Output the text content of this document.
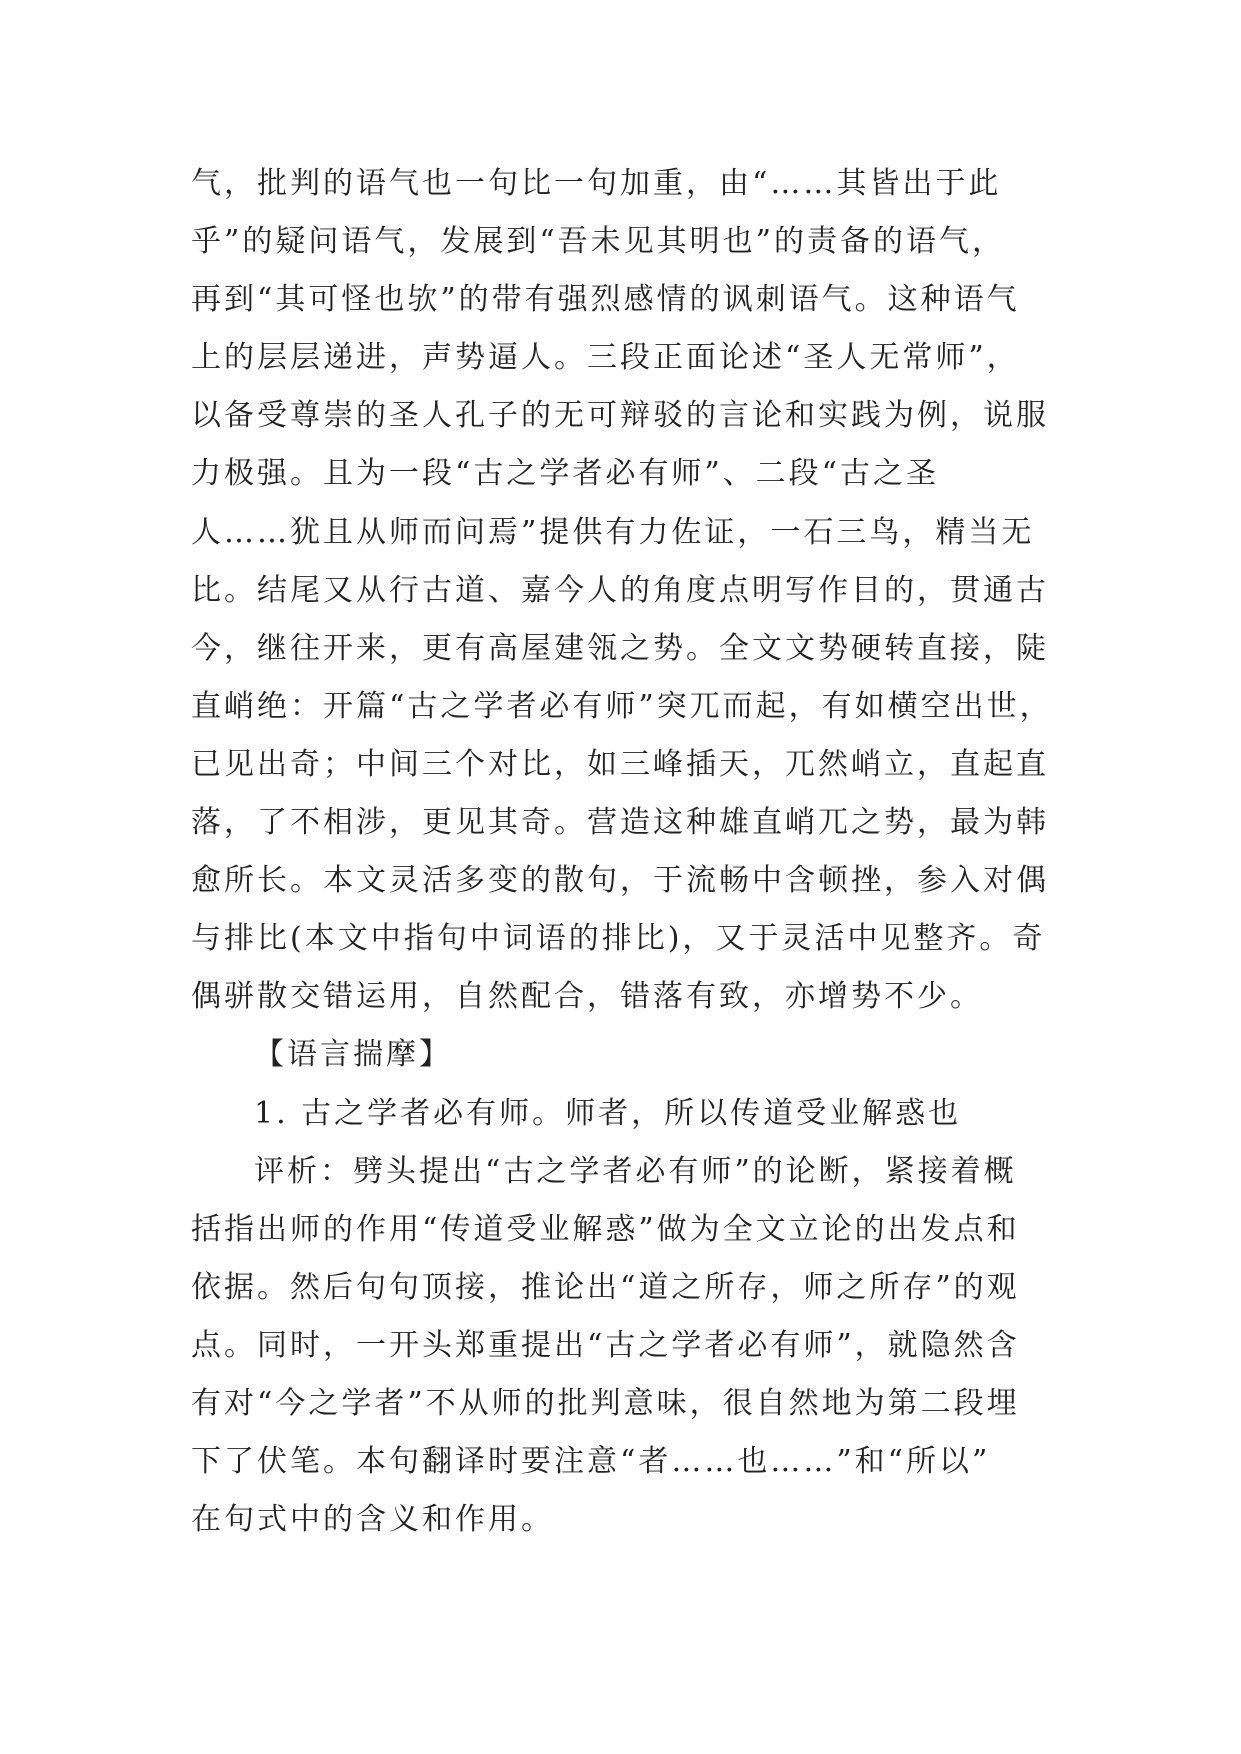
气，批判的语气也一句比一句加重，由“……其皆出于此
乎”的疑问语气，发展到“吾未见其明也”的责备的语气，
再到“其可怪也欤”的带有强烈感情的讽刺语气。这种语气
上的层层递进，声势逼人。三段正面论述“圣人无常师”，
以备受尊崇的圣人孔子的无可辩驳的言论和实践为例，说服
力极强。且为一段“古之学者必有师”、二段“古之圣
人……犹且从师而问焉”提供有力佐证，一石三鸟，精当无
比。结尾又从行古道、嘉今人的角度点明写作目的，贯通古
今，继往开来，更有高屋建瓴之势。全文文势硬转直接，陡
直峭绝：开篇“古之学者必有师”突兀而起，有如横空出世，
已见出奇；中间三个对比，如三峰插天，兀然峭立，直起直
落，了不相涉，更见其奇。营造这种雄直峭兀之势，最为韩
愈所长。本文灵活多变的散句，于流畅中含顿挫，参入对偶
与排比(本文中指句中词语的排比)，又于灵活中见整齐。奇
偶骈散交错运用，自然配合，错落有致，亦增势不少。
【语言揣摩】
1. 古之学者必有师。师者，所以传道受业解惑也
评析：劈头提出“古之学者必有师”的论断，紧接着概
括指出师的作用“传道受业解惑”做为全文立论的出发点和
依据。然后句句顶接，推论出“道之所存，师之所存”的观
点。同时，一开头郑重提出“古之学者必有师”，就隐然含
有对“今之学者”不从师的批判意味，很自然地为第二段埋
下了伏笔。本句翻译时要注意“者……也……”和“所以”
在句式中的含义和作用。
